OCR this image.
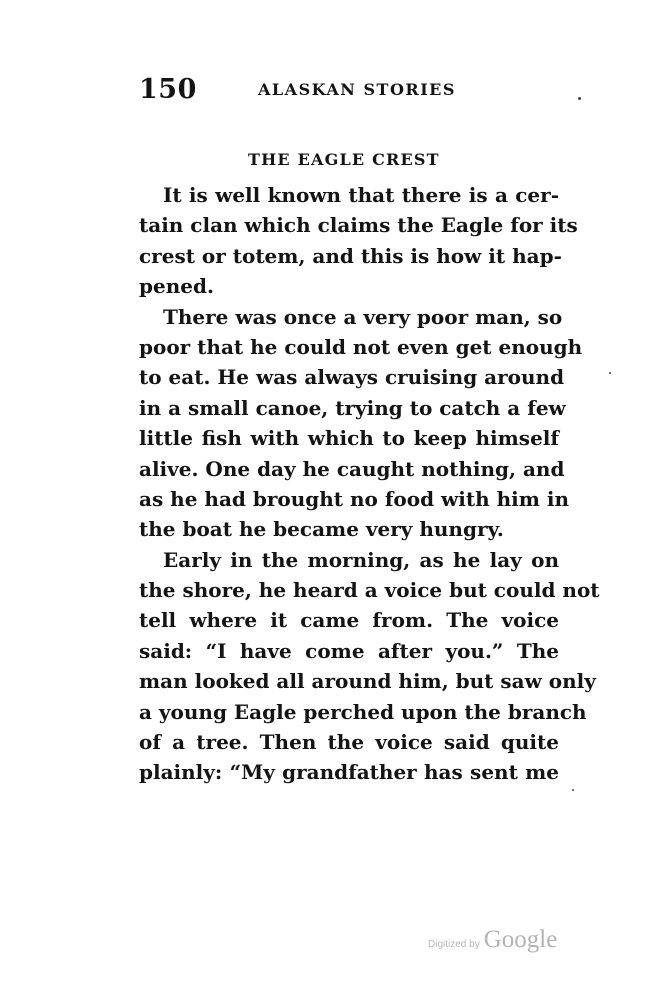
150	ALASKAN STORIES
THE EAGLE CREST
It is well known that there is a cer-
tain clan which claims the Eagle for its
crest or totem, and this is how it hap-
pened.
There was once a very poor man, so
poor that he could not even get enough
to eat. He was always cruising around
in a small canoe, trying to catch a few
little fish with which to keep himself
alive. One day he caught nothing, and
as he had brought no food with him in
the boat he became very hungry.
Early in the morning, as he lay on
the shore, he heard a voice but could not
tell where it came from. The voice
said: “I have come after you.” The
man looked all around him, but saw only
a young Eagle perched upon the branch
of a tree. Then the voice said quite
plainly: “My grandfather has sent me
Digitized by Google
